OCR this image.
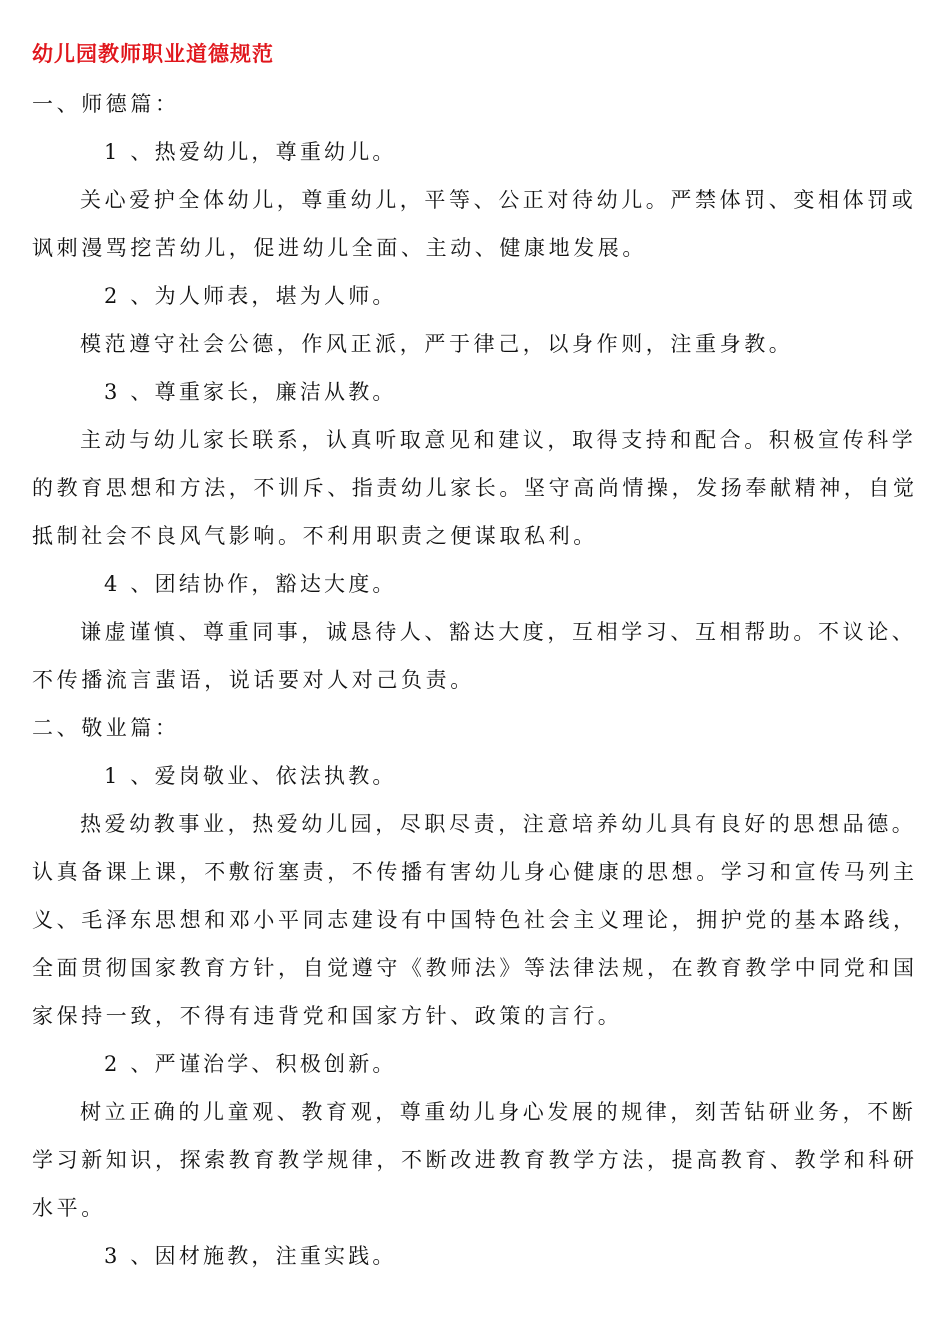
幼儿园教师职业道德规范
一、师德篇：
1 、热爱幼儿，尊重幼儿。
关心爱护全体幼儿，尊重幼儿，平等、公正对待幼儿。严禁体罚、变相体罚或
讽刺漫骂挖苦幼儿，促进幼儿全面、主动、健康地发展。
2 、为人师表，堪为人师。
模范遵守社会公德，作风正派，严于律己，以身作则，注重身教。
3 、尊重家长，廉洁从教。
主动与幼儿家长联系，认真听取意见和建议，取得支持和配合。积极宣传科学
的教育思想和方法，不训斥、指责幼儿家长。坚守高尚情操，发扬奉献精神，自觉
抵制社会不良风气影响。不利用职责之便谋取私利。
4 、团结协作，豁达大度。
谦虚谨慎、尊重同事，诚恳待人、豁达大度，互相学习、互相帮助。不议论、
不传播流言蜚语，说话要对人对己负责。
二、敬业篇：
1 、爱岗敬业、依法执教。
热爱幼教事业，热爱幼儿园，尽职尽责，注意培养幼儿具有良好的思想品德。
认真备课上课，不敷衍塞责，不传播有害幼儿身心健康的思想。学习和宣传马列主
义、毛泽东思想和邓小平同志建设有中国特色社会主义理论，拥护党的基本路线，
全面贯彻国家教育方针，自觉遵守《教师法》等法律法规，在教育教学中同党和国
家保持一致，不得有违背党和国家方针、政策的言行。
2 、严谨治学、积极创新。
树立正确的儿童观、教育观，尊重幼儿身心发展的规律，刻苦钻研业务，不断
学习新知识，探索教育教学规律，不断改进教育教学方法，提高教育、教学和科研
水平。
3 、因材施教，注重实践。
